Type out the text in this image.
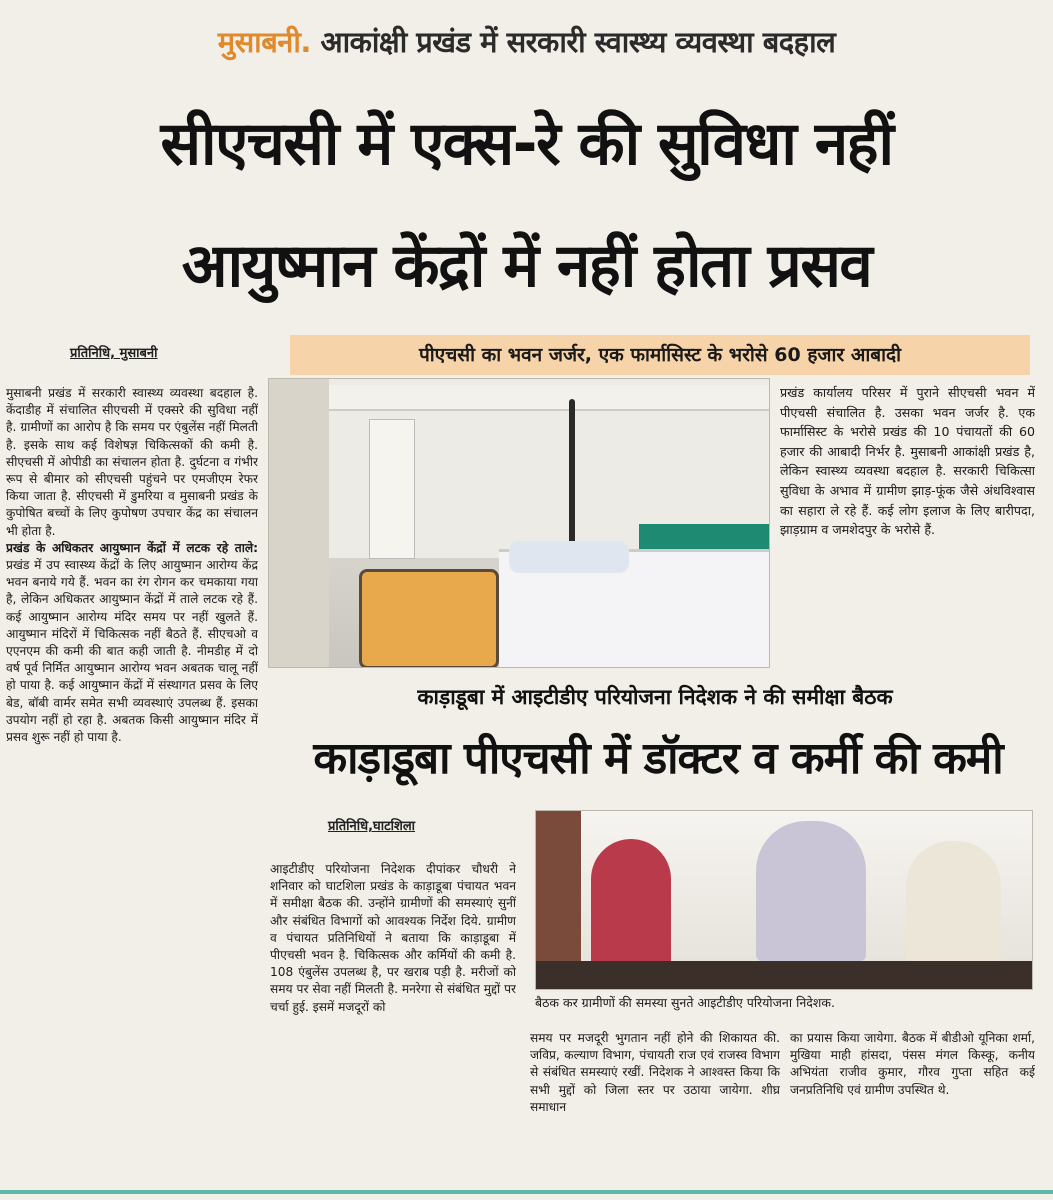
मुसाबनी. आकांक्षी प्रखंड में सरकारी स्वास्थ्य व्यवस्था बदहाल
सीएचसी में एक्स-रे की सुविधा नहीं
आयुष्मान केंद्रों में नहीं होता प्रसव
प्रतिनिधि, मुसाबनी

मुसाबनी प्रखंड में सरकारी स्वास्थ्य व्यवस्था बदहाल है. केंदाडीह में संचालित सीएचसी में एक्सरे की सुविधा नहीं है. ग्रामीणों का आरोप है कि समय पर एंबुलेंस नहीं मिलती है. इसके साथ कई विशेषज्ञ चिकित्सकों की कमी है. सीएचसी में ओपीडी का संचालन होता है. दुर्घटना व गंभीर रूप से बीमार को सीएचसी पहुंचने पर एमजीएम रेफर किया जाता है. सीएचसी में डुमरिया व मुसाबनी प्रखंड के कुपोषित बच्चों के लिए कुपोषण उपचार केंद्र का संचालन भी होता है.

प्रखंड के अधिकतर आयुष्मान केंद्रों में लटक रहे ताले: प्रखंड में उप स्वास्थ्य केंद्रों के लिए आयुष्मान आरोग्य केंद्र भवन बनाये गये हैं. भवन का रंग रोगन कर चमकाया गया है, लेकिन अधिकतर आयुष्मान केंद्रों में ताले लटक रहे हैं. कई आयुष्मान आरोग्य मंदिर समय पर नहीं खुलते हैं. आयुष्मान मंदिरों में चिकित्सक नहीं बैठते हैं. सीएचओ व एएनएम की कमी की बात कही जाती है. नीमडीह में दो वर्ष पूर्व निर्मित आयुष्मान आरोग्य भवन अबतक चालू नहीं हो पाया है. कई आयुष्मान केंद्रों में संस्थागत प्रसव के लिए बेड, बॉबी वार्मर समेत सभी व्यवस्थाएं उपलब्ध हैं. इसका उपयोग नहीं हो रहा है. अबतक किसी आयुष्मान मंदिर में प्रसव शुरू नहीं हो पाया है.

पीएचसी का भवन जर्जर, एक फार्मासिस्ट के भरोसे 60 हजार आबादी
प्रखंड कार्यालय परिसर में पुराने सीएचसी भवन में पीएचसी संचालित है. उसका भवन जर्जर है. एक फार्मासिस्ट के भरोसे प्रखंड की 10 पंचायतों की 60 हजार की आबादी निर्भर है. मुसाबनी आकांक्षी प्रखंड है, लेकिन स्वास्थ्य व्यवस्था बदहाल है. सरकारी चिकित्सा सुविधा के अभाव में ग्रामीण झाड़-फूंक जैसे अंधविश्वास का सहारा ले रहे हैं. कई लोग इलाज के लिए बारीपदा, झाड़ग्राम व जमशेदपुर के भरोसे हैं.
काड़ाडूबा में आइटीडीए परियोजना निदेशक ने की समीक्षा बैठक
काड़ाडूबा पीएचसी में डॉक्टर व कर्मी की कमी
प्रतिनिधि,घाटशिला
बैठक कर ग्रामीणों की समस्या सुनते आइटीडीए परियोजना निदेशक.
आइटीडीए परियोजना निदेशक दीपांकर चौधरी ने शनिवार को घाटशिला प्रखंड के काड़ाडूबा पंचायत भवन में समीक्षा बैठक की. उन्होंने ग्रामीणों की समस्याएं सुनीं और संबंधित विभागों को आवश्यक निर्देश दिये. ग्रामीण व पंचायत प्रतिनिधियों ने बताया कि काड़ाडूबा में पीएचसी भवन है. चिकित्सक और कर्मियों की कमी है. 108 एंबुलेंस उपलब्ध है, पर खराब पड़ी है. मरीजों को समय पर सेवा नहीं मिलती है. मनरेगा से संबंधित मुद्दों पर चर्चा हुई. इसमें मजदूरों को
समय पर मजदूरी भुगतान नहीं होने की शिकायत की. जविप्र, कल्याण विभाग, पंचायती राज एवं राजस्व विभाग से संबंधित समस्याएं रखीं. निदेशक ने आश्वस्त किया कि सभी मुद्दों को जिला स्तर पर उठाया जायेगा. शीघ्र समाधान
का प्रयास किया जायेगा. बैठक में बीडीओ यूनिका शर्मा, मुखिया माही हांसदा, पंसस मंगल किस्कू, कनीय अभियंता राजीव कुमार, गौरव गुप्ता सहित कई जनप्रतिनिधि एवं ग्रामीण उपस्थित थे.
